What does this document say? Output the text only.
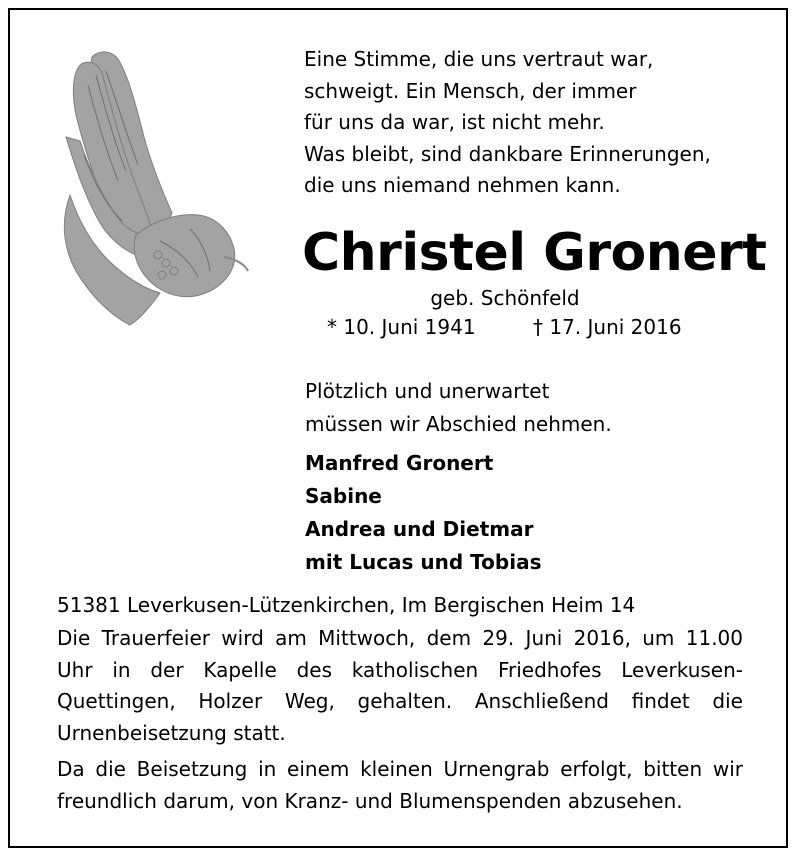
Eine Stimme, die uns vertraut war,
schweigt. Ein Mensch, der immer
für uns da war, ist nicht mehr.
Was bleibt, sind dankbare Erinnerungen,
die uns niemand nehmen kann.
Christel Gronert
geb. Schönfeld
* 10. Juni 1941	† 17. Juni 2016
Plötzlich und unerwartet
müssen wir Abschied nehmen.
Manfred Gronert
Sabine
Andrea und Dietmar
mit Lucas und Tobias
51381 Leverkusen-Lützenkirchen, Im Bergischen Heim 14
Die Trauerfeier wird am Mittwoch, dem 29. Juni 2016, um 11.00
Uhr in der Kapelle des katholischen Friedhofes Leverkusen-
Quettingen, Holzer Weg, gehalten. Anschließend findet die
Urnenbeisetzung statt.
Da die Beisetzung in einem kleinen Urnengrab erfolgt, bitten wir
freundlich darum, von Kranz- und Blumenspenden abzusehen.
